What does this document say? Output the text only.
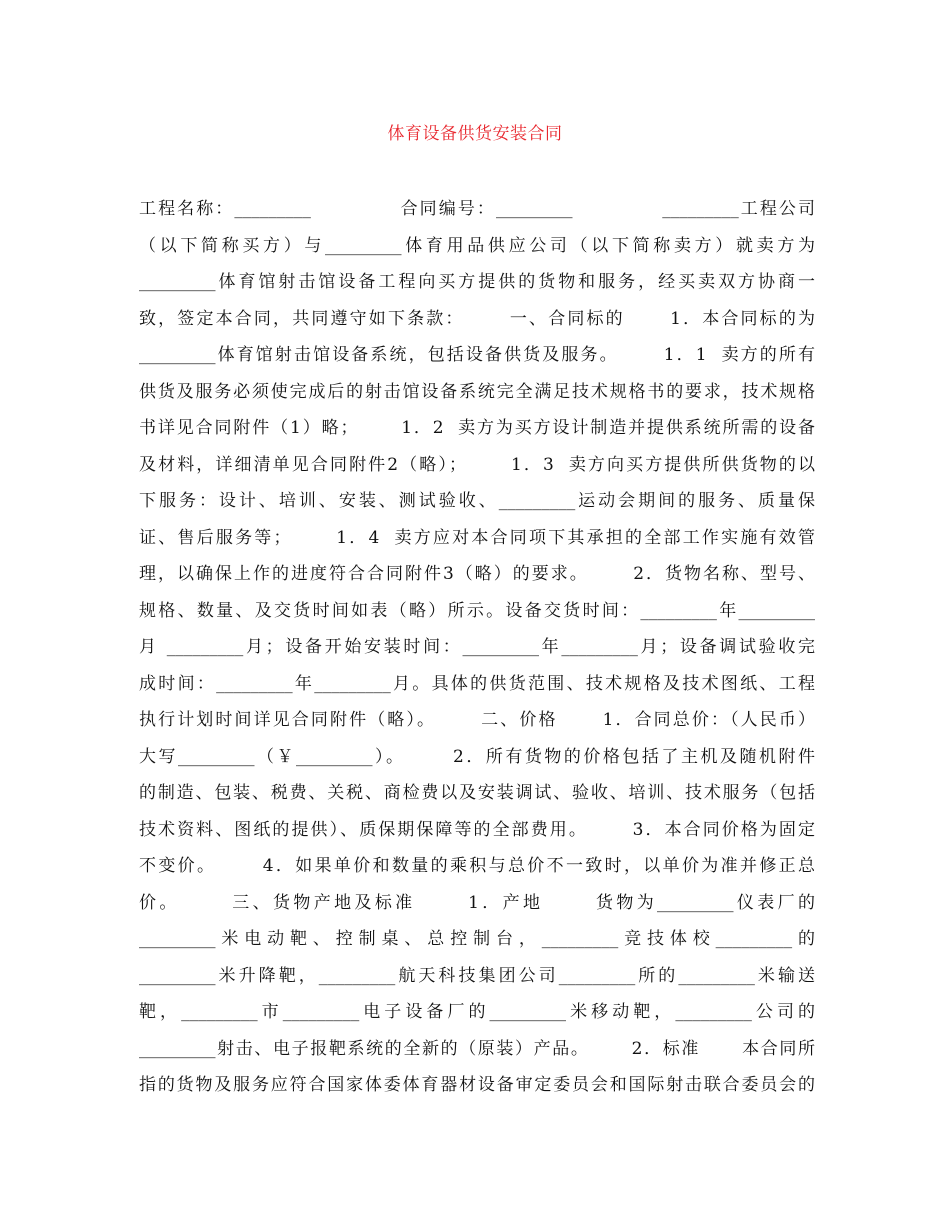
体育设备供货安装合同
工程名称：_________            合同编号：_________            _________工程公司
（以下简称买方）与_________体育用品供应公司（以下简称卖方）就卖方为
_________体育馆射击馆设备工程向买方提供的货物和服务，经买卖双方协商一
致，签定本合同，共同遵守如下条款：      一、合同标的      1．本合同标的为
_________体育馆射击馆设备系统，包括设备供货及服务。      1．1  卖方的所有
供货及服务必须使完成后的射击馆设备系统完全满足技术规格书的要求，技术规格
书详见合同附件（1）略；      1．2  卖方为买方设计制造并提供系统所需的设备
及材料，详细清单见合同附件2（略）；      1．3  卖方向买方提供所供货物的以
下服务：设计、培训、安装、测试验收、_________运动会期间的服务、质量保
证、售后服务等；      1．4  卖方应对本合同项下其承担的全部工作实施有效管
理，以确保上作的进度符合合同附件3（略）的要求。      2．货物名称、型号、
规格、数量、及交货时间如表（略）所示。设备交货时间：_________年_________
月 _________月；设备开始安装时间：_________年_________月；设备调试验收完
成时间：_________年_________月。具体的供货范围、技术规格及技术图纸、工程
执行计划时间详见合同附件（略）。      二、价格      1．合同总价：（人民币）
大写_________（￥_________）。      2．所有货物的价格包括了主机及随机附件
的制造、包装、税费、关税、商检费以及安装调试、验收、培训、技术服务（包括
技术资料、图纸的提供）、质保期保障等的全部费用。      3．本合同价格为固定
不变价。      4．如果单价和数量的乘积与总价不一致时，以单价为准并修正总
价。      三、货物产地及标准      1．产地      货物为_________仪表厂的
_________米电动靶、控制桌、总控制台，_________竞技体校_________的
_________米升降靶，_________航天科技集团公司_________所的_________米输送
靶，_________市_________电子设备厂的_________米移动靶，_________公司的
_________射击、电子报靶系统的全新的（原装）产品。      2．标准      本合同所
指的货物及服务应符合国家体委体育器材设备审定委员会和国际射击联合委员会的
